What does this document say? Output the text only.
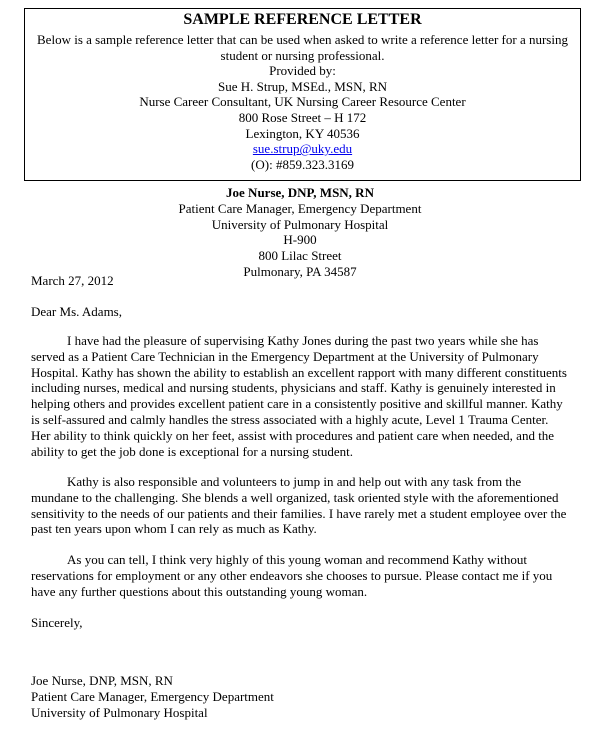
SAMPLE REFERENCE LETTER
Below is a sample reference letter that can be used when asked to write a reference letter for a nursing student or nursing professional.
Provided by:
Sue H. Strup, MSEd., MSN, RN
Nurse Career Consultant, UK Nursing Career Resource Center
800 Rose Street – H 172
Lexington, KY 40536
sue.strup@uky.edu
(O): #859.323.3169
Joe Nurse, DNP, MSN, RN
Patient Care Manager, Emergency Department
University of Pulmonary Hospital
H-900
800 Lilac Street
Pulmonary, PA 34587
March 27, 2012
Dear Ms. Adams,

I have had the pleasure of supervising Kathy Jones during the past two years while she has served as a Patient Care Technician in the Emergency Department at the University of Pulmonary Hospital. Kathy has shown the ability to establish an excellent rapport with many different constituents including nurses, medical and nursing students, physicians and staff. Kathy is genuinely interested in helping others and provides excellent patient care in a consistently positive and skillful manner. Kathy is self-assured and calmly handles the stress associated with a highly acute, Level 1 Trauma Center. Her ability to think quickly on her feet, assist with procedures and patient care when needed, and the ability to get the job done is exceptional for a nursing student.

Kathy is also responsible and volunteers to jump in and help out with any task from the mundane to the challenging. She blends a well organized, task oriented style with the aforementioned sensitivity to the needs of our patients and their families. I have rarely met a student employee over the past ten years upon whom I can rely as much as Kathy.

As you can tell, I think very highly of this young woman and recommend Kathy without reservations for employment or any other endeavors she chooses to pursue. Please contact me if you have any further questions about this outstanding young woman.

Sincerely,
Joe Nurse, DNP, MSN, RN
Patient Care Manager, Emergency Department
University of Pulmonary Hospital
